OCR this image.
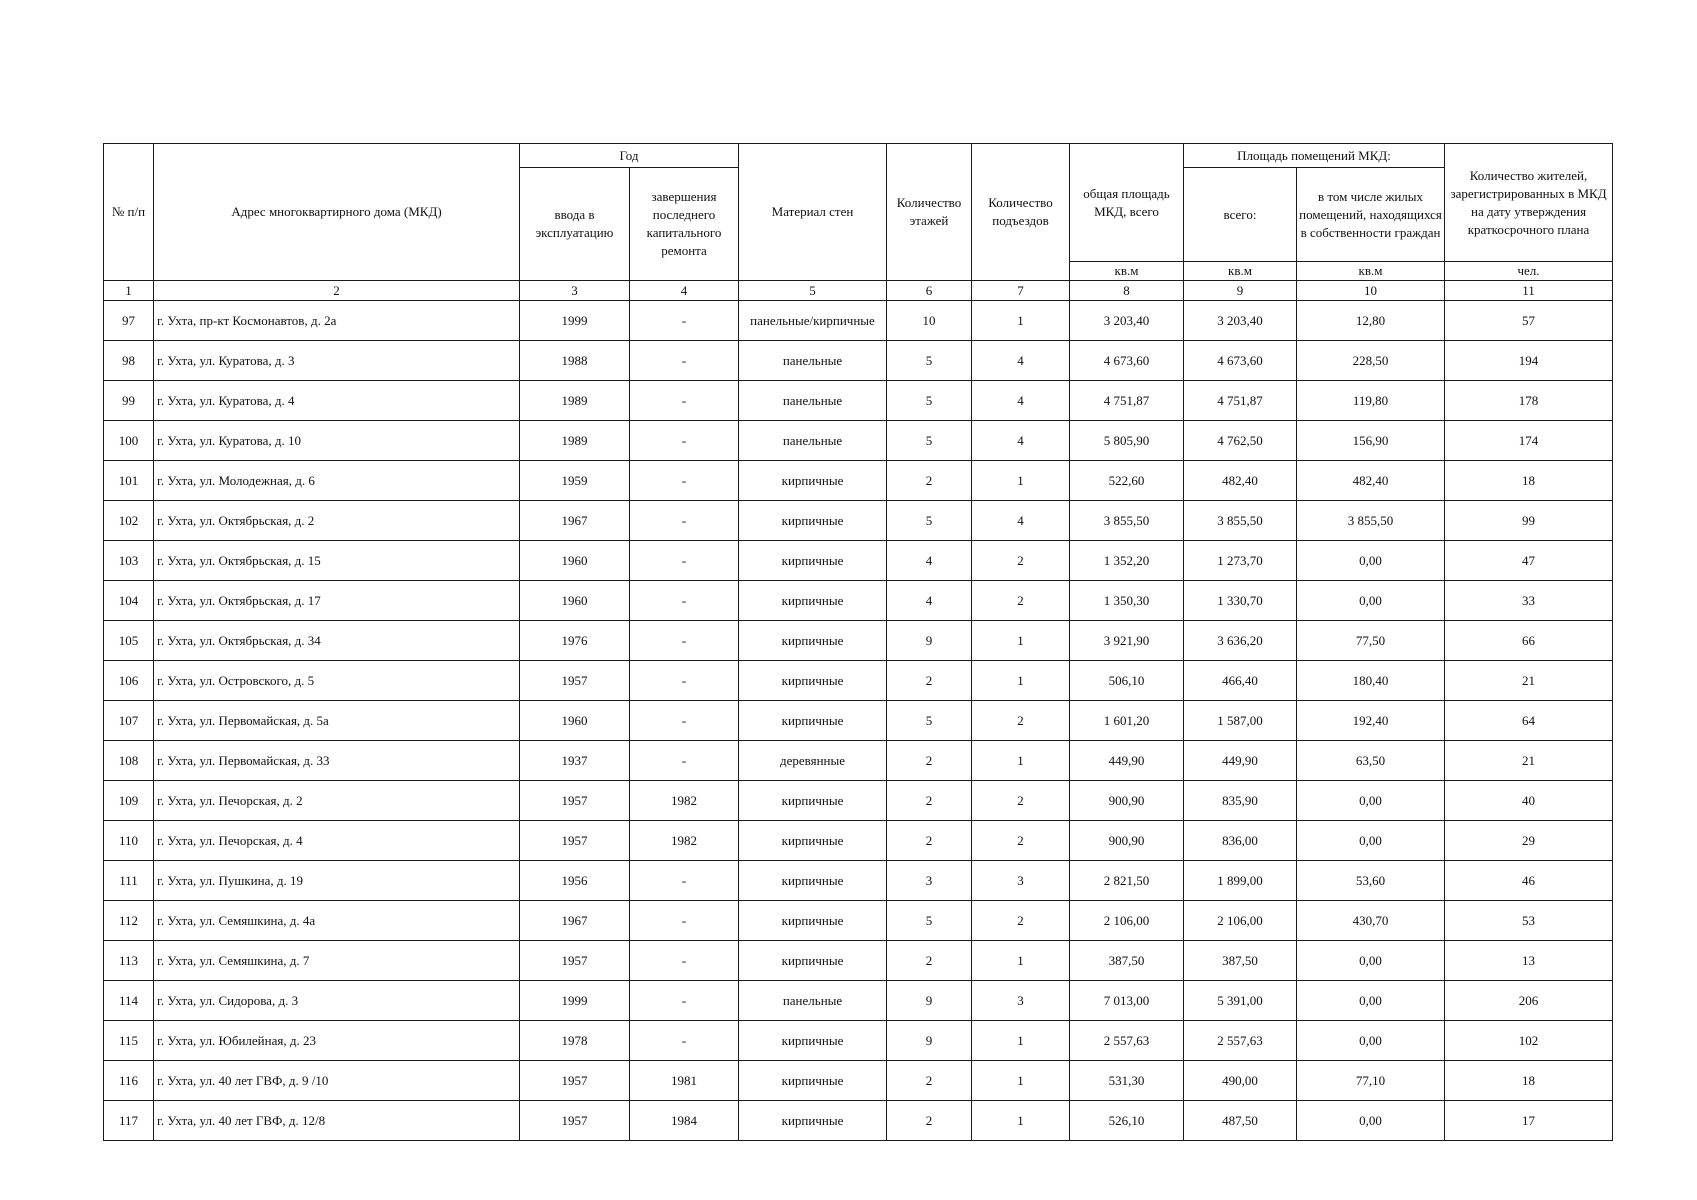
№ п/п	Адрес многоквартирного дома (МКД)	Год		Материал стен	Количество этажей	Количество подъездов	общая площадь МКД, всего	Площадь помещений МКД:		Количество жителей, зарегистрированных в МКД на дату утверждения краткосрочного плана
		ввода в эксплуатацию	завершения последнего капитального ремонта					всего:	в том числе жилых помещений, находящихся в собственности граждан	
							кв.м	кв.м	кв.м	чел.
1	2	3	4	5	6	7	8	9	10	11
97	г. Ухта, пр-кт Космонавтов, д. 2а	1999	-	панельные/кирпичные	10	1	3 203,40	3 203,40	12,80	57
98	г. Ухта, ул. Куратова, д. 3	1988	-	панельные	5	4	4 673,60	4 673,60	228,50	194
99	г. Ухта, ул. Куратова, д. 4	1989	-	панельные	5	4	4 751,87	4 751,87	119,80	178
100	г. Ухта, ул. Куратова, д. 10	1989	-	панельные	5	4	5 805,90	4 762,50	156,90	174
101	г. Ухта, ул. Молодежная, д. 6	1959	-	кирпичные	2	1	522,60	482,40	482,40	18
102	г. Ухта, ул. Октябрьская, д. 2	1967	-	кирпичные	5	4	3 855,50	3 855,50	3 855,50	99
103	г. Ухта, ул. Октябрьская, д. 15	1960	-	кирпичные	4	2	1 352,20	1 273,70	0,00	47
104	г. Ухта, ул. Октябрьская, д. 17	1960	-	кирпичные	4	2	1 350,30	1 330,70	0,00	33
105	г. Ухта, ул. Октябрьская, д. 34	1976	-	кирпичные	9	1	3 921,90	3 636,20	77,50	66
106	г. Ухта, ул. Островского, д. 5	1957	-	кирпичные	2	1	506,10	466,40	180,40	21
107	г. Ухта, ул. Первомайская, д. 5а	1960	-	кирпичные	5	2	1 601,20	1 587,00	192,40	64
108	г. Ухта, ул. Первомайская, д. 33	1937	-	деревянные	2	1	449,90	449,90	63,50	21
109	г. Ухта, ул. Печорская, д. 2	1957	1982	кирпичные	2	2	900,90	835,90	0,00	40
110	г. Ухта, ул. Печорская, д. 4	1957	1982	кирпичные	2	2	900,90	836,00	0,00	29
111	г. Ухта, ул. Пушкина, д. 19	1956	-	кирпичные	3	3	2 821,50	1 899,00	53,60	46
112	г. Ухта, ул. Семяшкина, д. 4а	1967	-	кирпичные	5	2	2 106,00	2 106,00	430,70	53
113	г. Ухта, ул. Семяшкина, д. 7	1957	-	кирпичные	2	1	387,50	387,50	0,00	13
114	г. Ухта, ул. Сидорова, д. 3	1999	-	панельные	9	3	7 013,00	5 391,00	0,00	206
115	г. Ухта, ул. Юбилейная, д. 23	1978	-	кирпичные	9	1	2 557,63	2 557,63	0,00	102
116	г. Ухта, ул. 40 лет ГВФ, д. 9 /10	1957	1981	кирпичные	2	1	531,30	490,00	77,10	18
117	г. Ухта, ул. 40 лет ГВФ, д. 12/8	1957	1984	кирпичные	2	1	526,10	487,50	0,00	17
